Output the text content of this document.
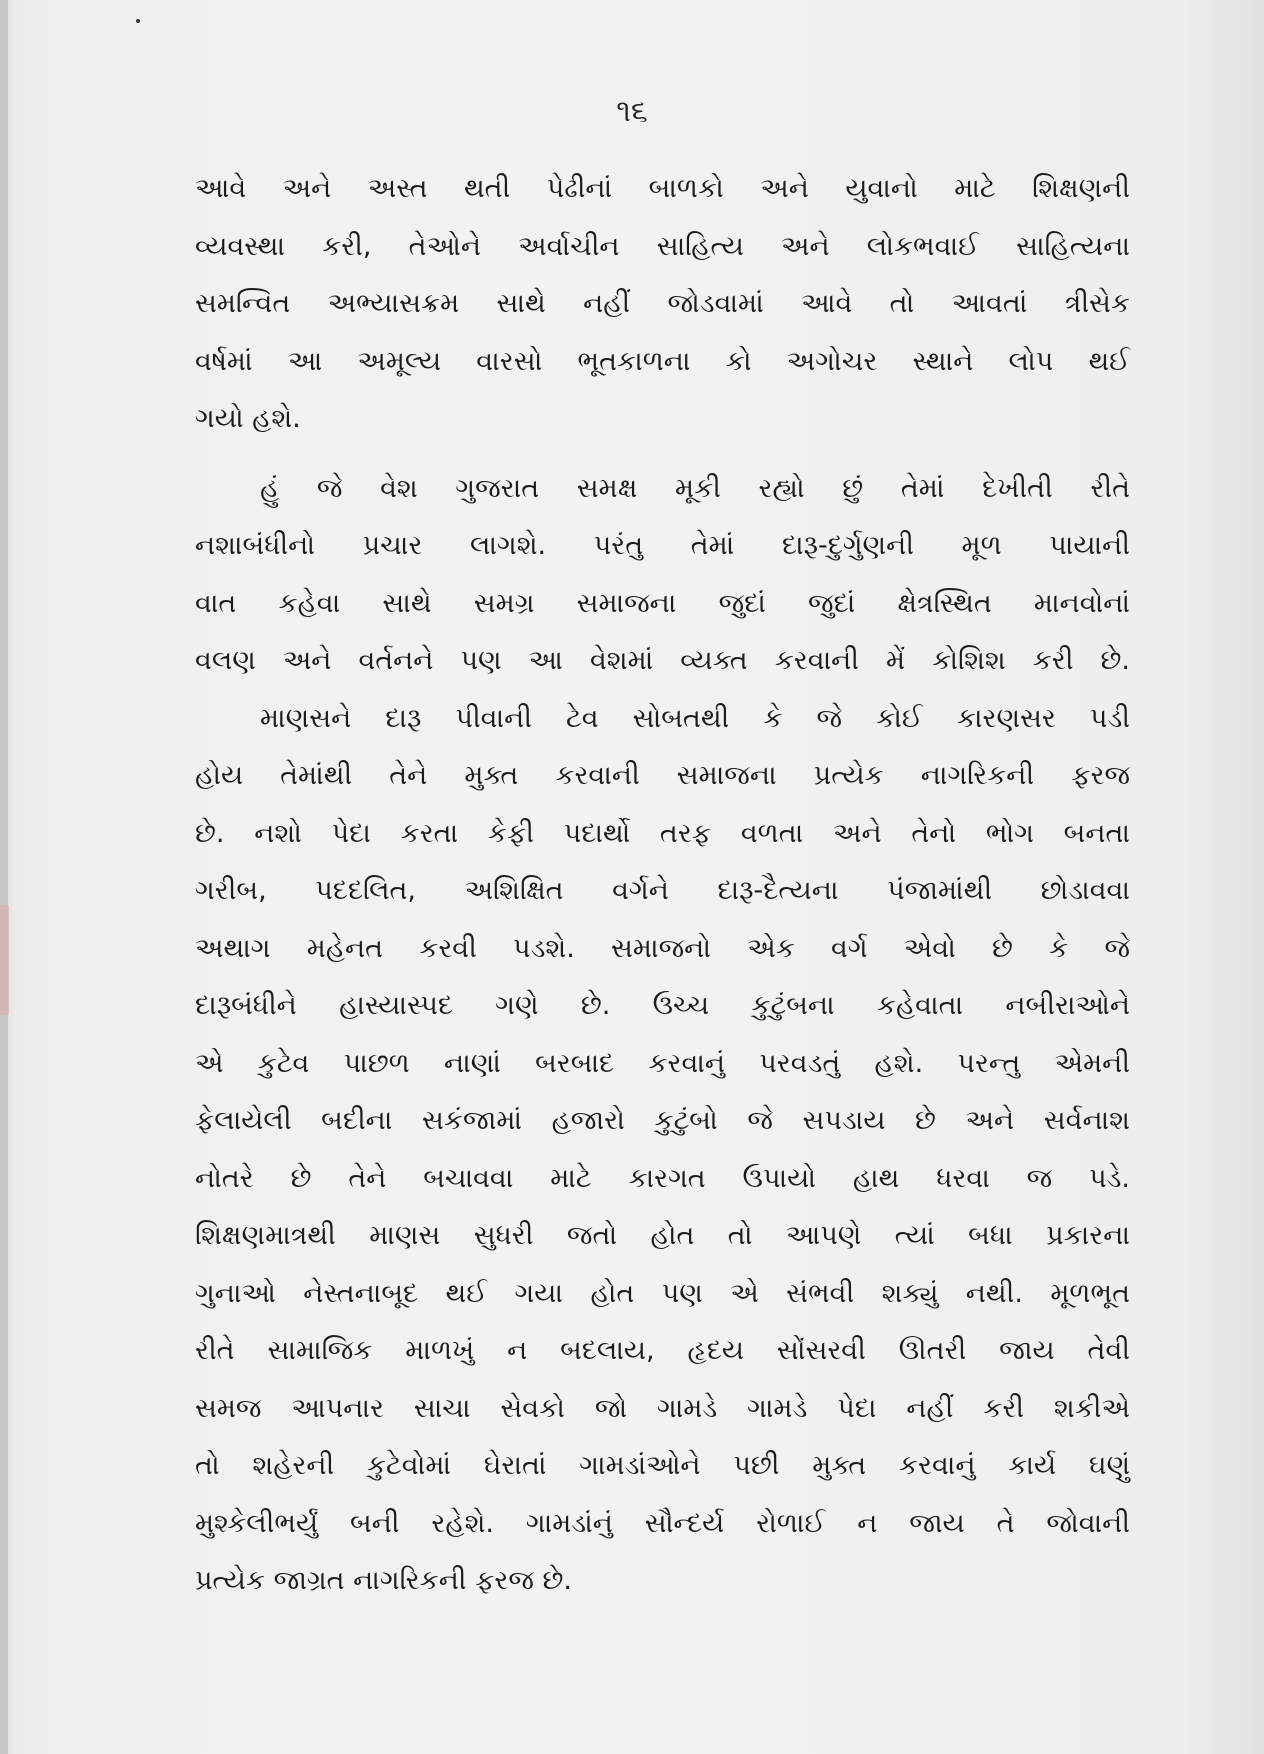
૧૬
આવે અને અસ્ત થતી પેઢીનાં બાળકો અને યુવાનો માટે શિક્ષણની
વ્યવસ્થા કરી, તેઓને અર્વાચીન સાહિત્ય અને લોકભવાઈ સાહિત્યના
સમન્વિત અભ્યાસક્રમ સાથે નહીં જોડવામાં આવે તો આવતાં ત્રીસેક
વર્ષમાં આ અમૂલ્ય વારસો ભૂતકાળના કો અગોચર સ્થાને લોપ થઈ
ગયો હશે.
હું જે વેશ ગુજરાત સમક્ષ મૂકી રહ્યો છું તેમાં દેખીતી રીતે
નશાબંધીનો પ્રચાર લાગશે. પરંતુ તેમાં દારૂ-દુર્ગુણની મૂળ પાયાની
વાત કહેવા સાથે સમગ્ર સમાજના જુદાં જુદાં ક્ષેત્રસ્થિત માનવોનાં
વલણ અને વર્તનને પણ આ વેશમાં વ્યક્ત કરવાની મેં કોશિશ કરી છે.
માણસને દારૂ પીવાની ટેવ સોબતથી કે જે કોઈ કારણસર પડી
હોય તેમાંથી તેને મુક્ત કરવાની સમાજના પ્રત્યેક નાગરિકની ફરજ
છે. નશો પેદા કરતા કેફી પદાર્થો તરફ વળતા અને તેનો ભોગ બનતા
ગરીબ, પદદલિત, અશિક્ષિત વર્ગને દારૂ-દૈત્યના પંજામાંથી છોડાવવા
અથાગ મહેનત કરવી પડશે. સમાજનો એક વર્ગ એવો છે કે જે
દારૂબંધીને હાસ્યાસ્પદ ગણે છે. ઉચ્ચ કુટુંબના કહેવાતા નબીરાઓને
એ કુટેવ પાછળ નાણાં બરબાદ કરવાનું પરવડતું હશે. પરન્તુ એમની
ફેલાયેલી બદીના સકંજામાં હજારો કુટુંબો જે સપડાય છે અને સર્વનાશ
નોતરે છે તેને બચાવવા માટે કારગત ઉપાયો હાથ ધરવા જ પડે.
શિક્ષણમાત્રથી માણસ સુધરી જતો હોત તો આપણે ત્યાં બધા પ્રકારના
ગુનાઓ નેસ્તનાબૂદ થઈ ગયા હોત પણ એ સંભવી શક્યું નથી. મૂળભૂત
રીતે સામાજિક માળખું ન બદલાય, હૃદય સોંસરવી ઊતરી જાય તેવી
સમજ આપનાર સાચા સેવકો જો ગામડે ગામડે પેદા નહીં કરી શકીએ
તો શહેરની કુટેવોમાં ઘેરાતાં ગામડાંઓને પછી મુક્ત કરવાનું કાર્ય ઘણું
મુશ્કેલીભર્યું બની રહેશે. ગામડાંનું સૌન્દર્ય રોળાઈ ન જાય તે જોવાની
પ્રત્યેક જાગ્રત નાગરિકની ફરજ છે.
